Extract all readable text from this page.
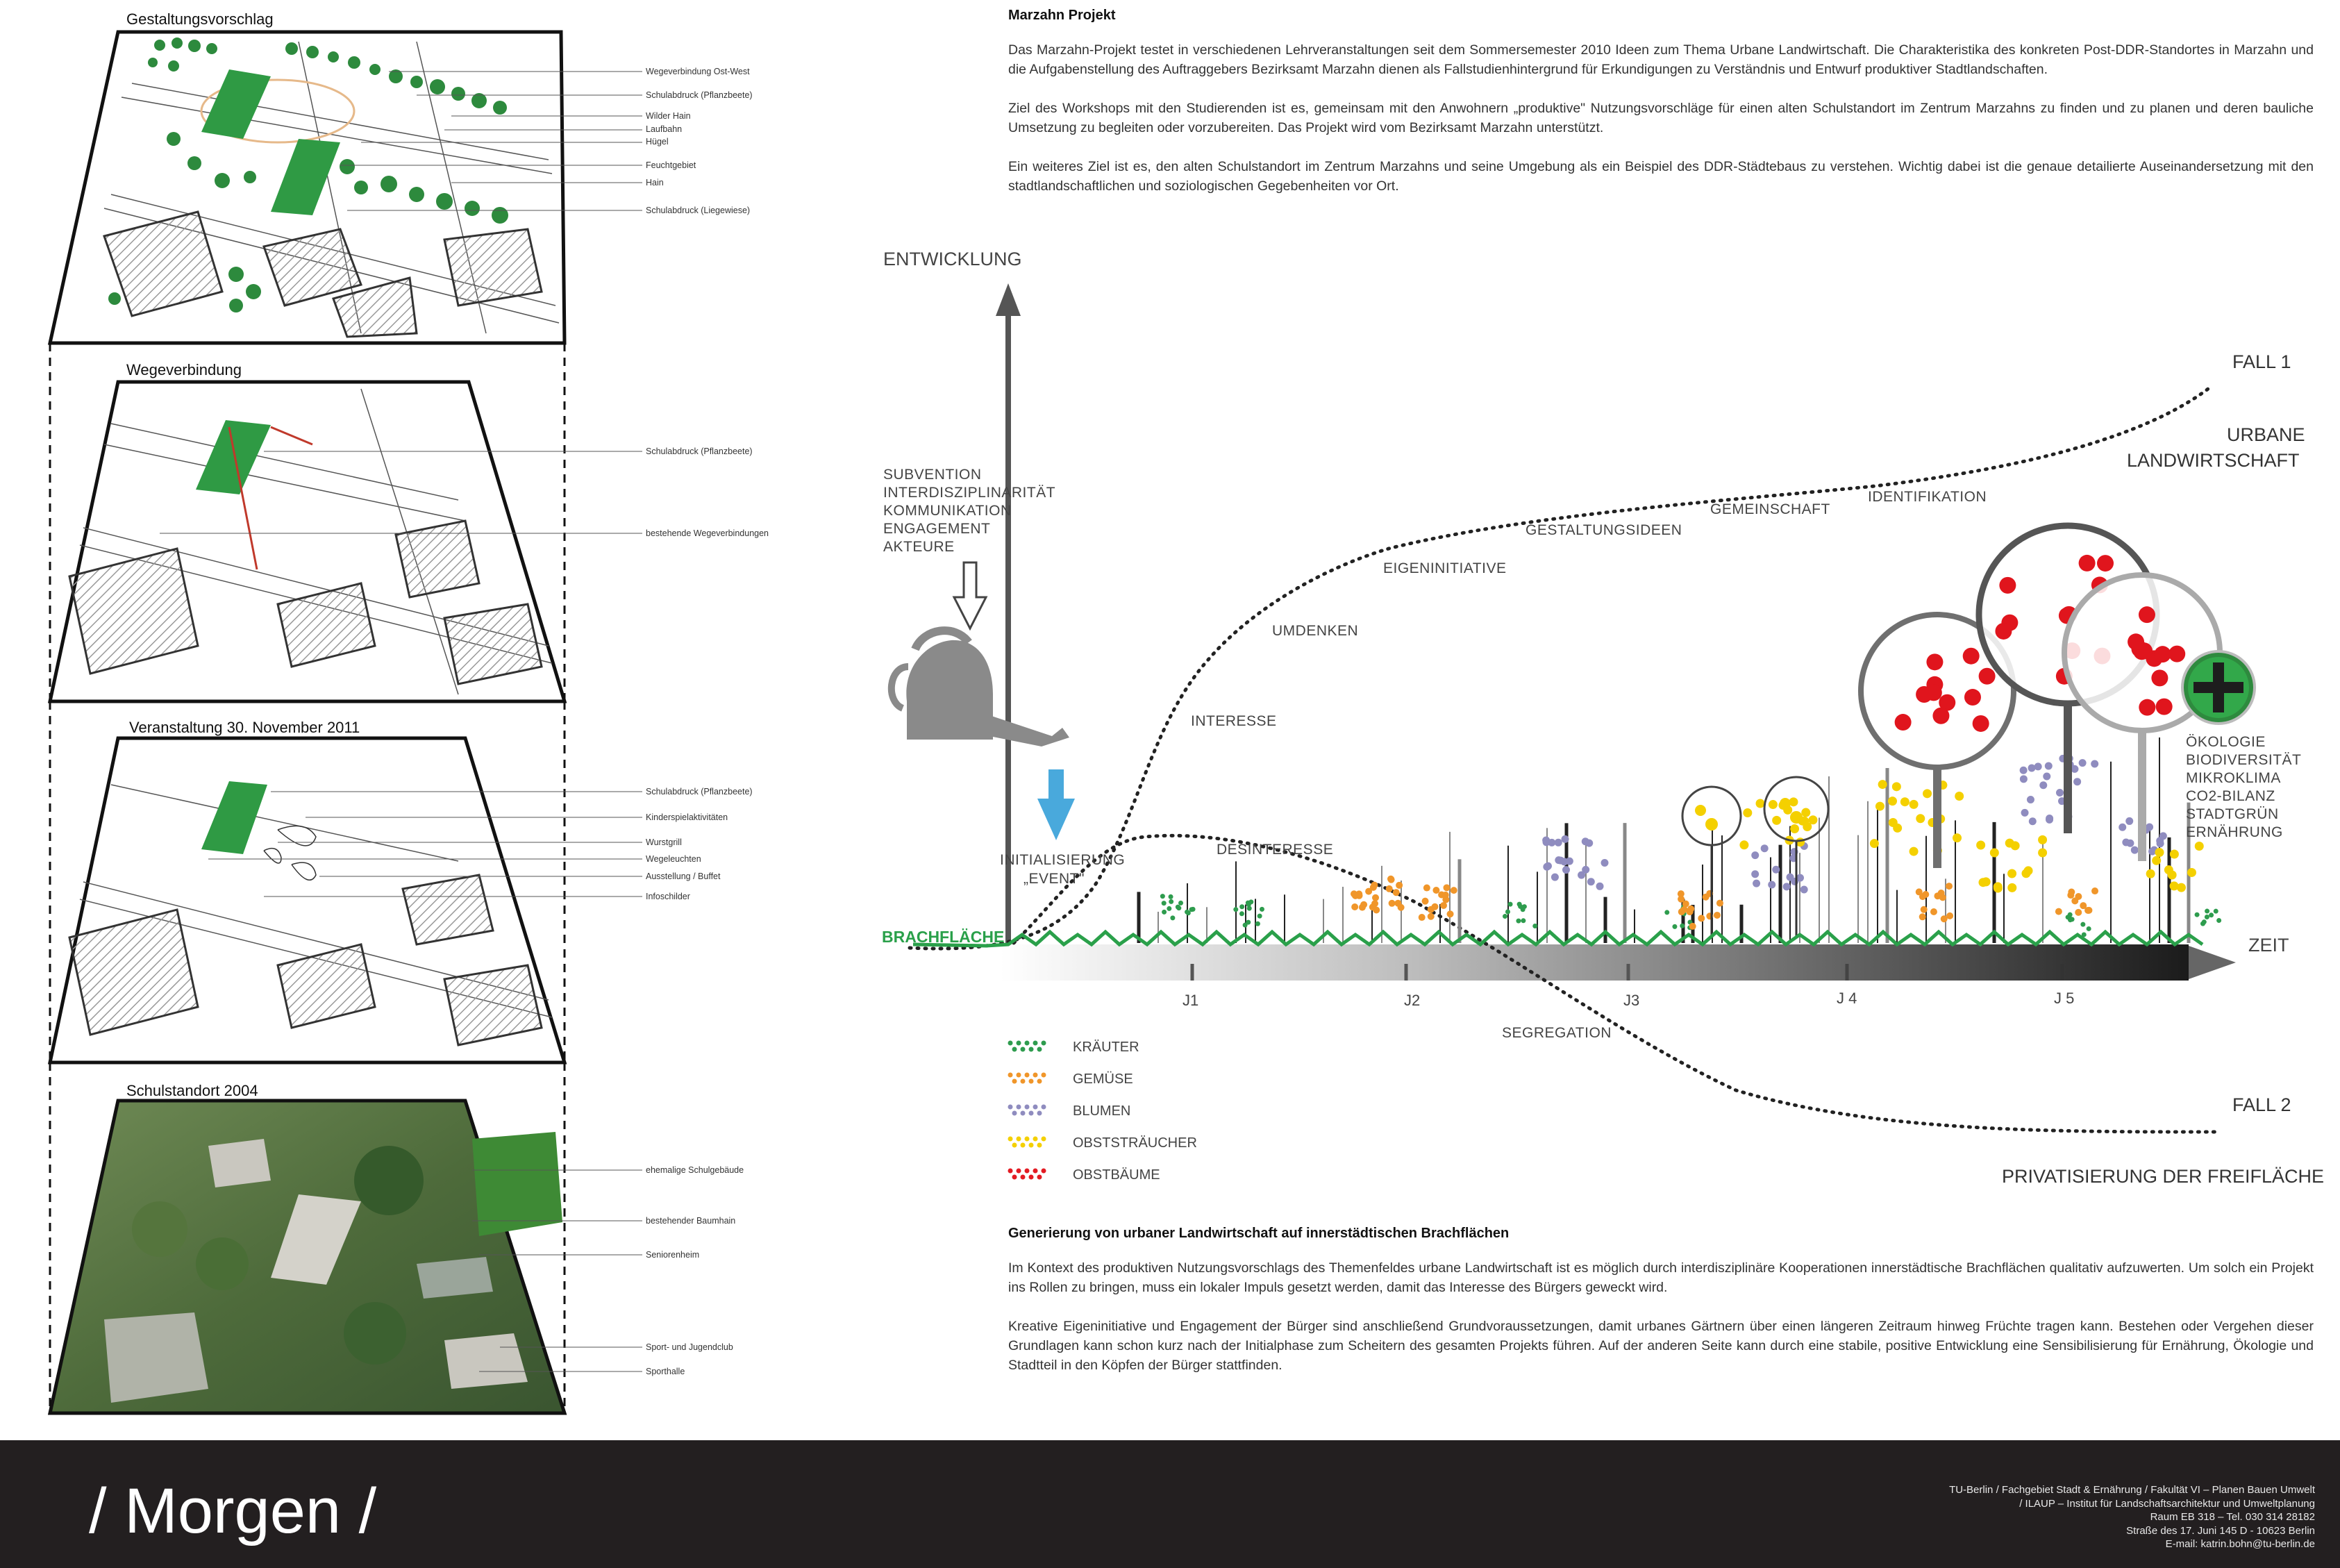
Gestaltungsvorschlag
Wegeverbindung Ost-West
Schulabdruck (Pflanzbeete)
Wilder Hain
Laufbahn
Hügel
Feuchtgebiet
Hain
Schulabdruck (Liegewiese)
Wegeverbindung
Schulabdruck (Pflanzbeete)
bestehende Wegeverbindungen
Veranstaltung 30. November 2011
Schulabdruck (Pflanzbeete)
Kinderspielaktivitäten
Wurstgrill
Wegeleuchten
Ausstellung / Buffet
Infoschilder
Schulstandort 2004
ehemalige Schulgebäude
bestehender Baumhain
Seniorenheim
Sport- und Jugendclub
Sporthalle
ENTWICKLUNG
ZEIT
J1	J2	J3	J 4	J 5
INTERESSE
UMDENKEN
EIGENINITIATIVE
GESTALTUNGSIDEEN
GEMEINSCHAFT
IDENTIFIKATION
DESINTERESSE
SEGREGATION
FALL 1
URBANE
LANDWIRTSCHAFT
FALL 2
PRIVATISIERUNG DER FREIFLÄCHE
SUBVENTION
INTERDISZIPLINARITÄT
KOMMUNIKATION
ENGAGEMENT
AKTEURE
INITIALISIERUNG
„EVENT"
BRACHFLÄCHE
ÖKOLOGIE
BIODIVERSITÄT
MIKROKLIMA
CO2-BILANZ
STADTGRÜN
ERNÄHRUNG
KRÄUTER
GEMÜSE
BLUMEN
OBSTSTRÄUCHER
OBSTBÄUME
Marzahn Projekt

Das Marzahn-Projekt testet in verschiedenen Lehrveranstaltungen seit dem Sommersemester 2010 Ideen zum Thema Urbane Landwirtschaft. Die Charakteristika des konkreten Post-DDR-Standortes in Marzahn und die Aufgabenstellung des Auftraggebers Bezirksamt Marzahn dienen als Fallstudienhintergrund für Erkundigungen zu Verständnis und Entwurf produktiver Stadtlandschaften.

Ziel des Workshops mit den Studierenden ist es, gemeinsam mit den Anwohnern „produktive" Nutzungsvorschläge für einen alten Schulstandort im Zentrum Marzahns zu finden und zu planen und deren bauliche Umsetzung zu begleiten oder vorzubereiten. Das Projekt wird vom Bezirksamt Marzahn unterstützt.

Ein weiteres Ziel ist es, den alten Schulstandort im Zentrum Marzahns und seine Umgebung als ein Beispiel des DDR-Städtebaus zu verstehen. Wichtig dabei ist die genaue detailierte Auseinandersetzung mit den stadtlandschaftlichen und soziologischen Gegebenheiten vor Ort.

Generierung von urbaner Landwirtschaft auf innerstädtischen Brachflächen

Im Kontext des produktiven Nutzungsvorschlags des Themenfeldes urbane Landwirtschaft ist es möglich durch interdisziplinäre Kooperationen innerstädtische Brachflächen qualitativ aufzuwerten. Um solch ein Projekt ins Rollen zu bringen, muss ein lokaler Impuls gesetzt werden, damit das Interesse des Bürgers geweckt wird.

Kreative Eigeninitiative und Engagement der Bürger sind anschließend Grundvoraussetzungen, damit urbanes Gärtnern über einen längeren Zeitraum hinweg Früchte tragen kann. Bestehen oder Vergehen dieser Grundlagen kann schon kurz nach der Initialphase zum Scheitern des gesamten Projekts führen. Auf der anderen Seite kann durch eine stabile, positive Entwicklung eine Sensibilisierung für Ernährung, Ökologie und Stadtteil in den Köpfen der Bürger stattfinden.

/ Morgen /	TU-Berlin / Fachgebiet Stadt & Ernährung / Fakultät VI – Planen Bauen Umwelt
/ ILAUP – Institut für Landschaftsarchitektur und Umweltplanung
Raum EB 318 – Tel. 030 314 28182
Straße des 17. Juni 145 D - 10623 Berlin
E-mail: katrin.bohn@tu-berlin.de
